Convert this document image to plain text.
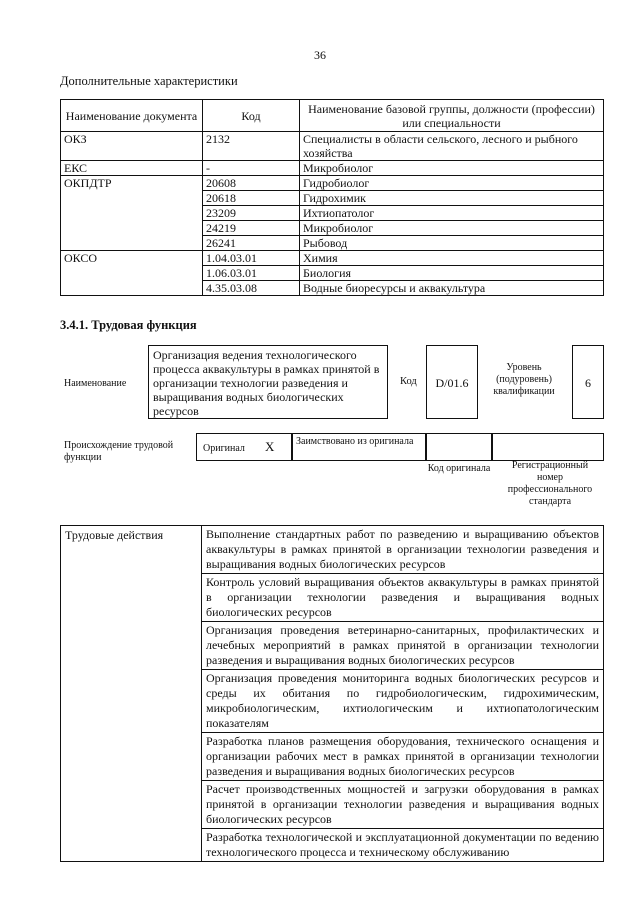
36
Дополнительные характеристики
Наименование документа	Код	Наименование базовой группы, должности (профессии) или специальности
ОКЗ	2132	Специалисты в области сельского, лесного и рыбного хозяйства
ЕКС	-	Микробиолог
ОКПДТР	20608	Гидробиолог
	20618	Гидрохимик
	23209	Ихтиопатолог
	24219	Микробиолог
	26241	Рыбовод
ОКСО	1.04.03.01	Химия
	1.06.03.01	Биология
	4.35.03.08	Водные биоресурсы и аквакультура
3.4.1. Трудовая функция
Наименование
Организация ведения технологического процесса аквакультуры в рамках принятой в организации технологии разведения и выращивания водных биологических ресурсов
Код	D/01.6
Уровень (подуровень) квалификации
6
Происхождение трудовой функции
Оригинал X Заимствовано из оригинала
Код оригинала	Регистрационный номер профессионального стандарта
Трудовые действия	Выполнение стандартных работ по разведению и выращиванию объектов аквакультуры в рамках принятой в организации технологии разведения и выращивания водных биологических ресурсов
Контроль условий выращивания объектов аквакультуры в рамках принятой в организации технологии разведения и выращивания водных биологических ресурсов
Организация проведения ветеринарно-санитарных, профилактических и лечебных мероприятий в рамках принятой в организации технологии разведения и выращивания водных биологических ресурсов
Организация проведения мониторинга водных биологических ресурсов и среды их обитания по гидробиологическим, гидрохимическим, микробиологическим, ихтиологическим и ихтиопатологическим показателям
Разработка планов размещения оборудования, технического оснащения и организации рабочих мест в рамках принятой в организации технологии разведения и выращивания водных биологических ресурсов
Расчет производственных мощностей и загрузки оборудования в рамках принятой в организации технологии разведения и выращивания водных биологических ресурсов
Разработка технологической и эксплуатационной документации по ведению технологического процесса и техническому обслуживанию
